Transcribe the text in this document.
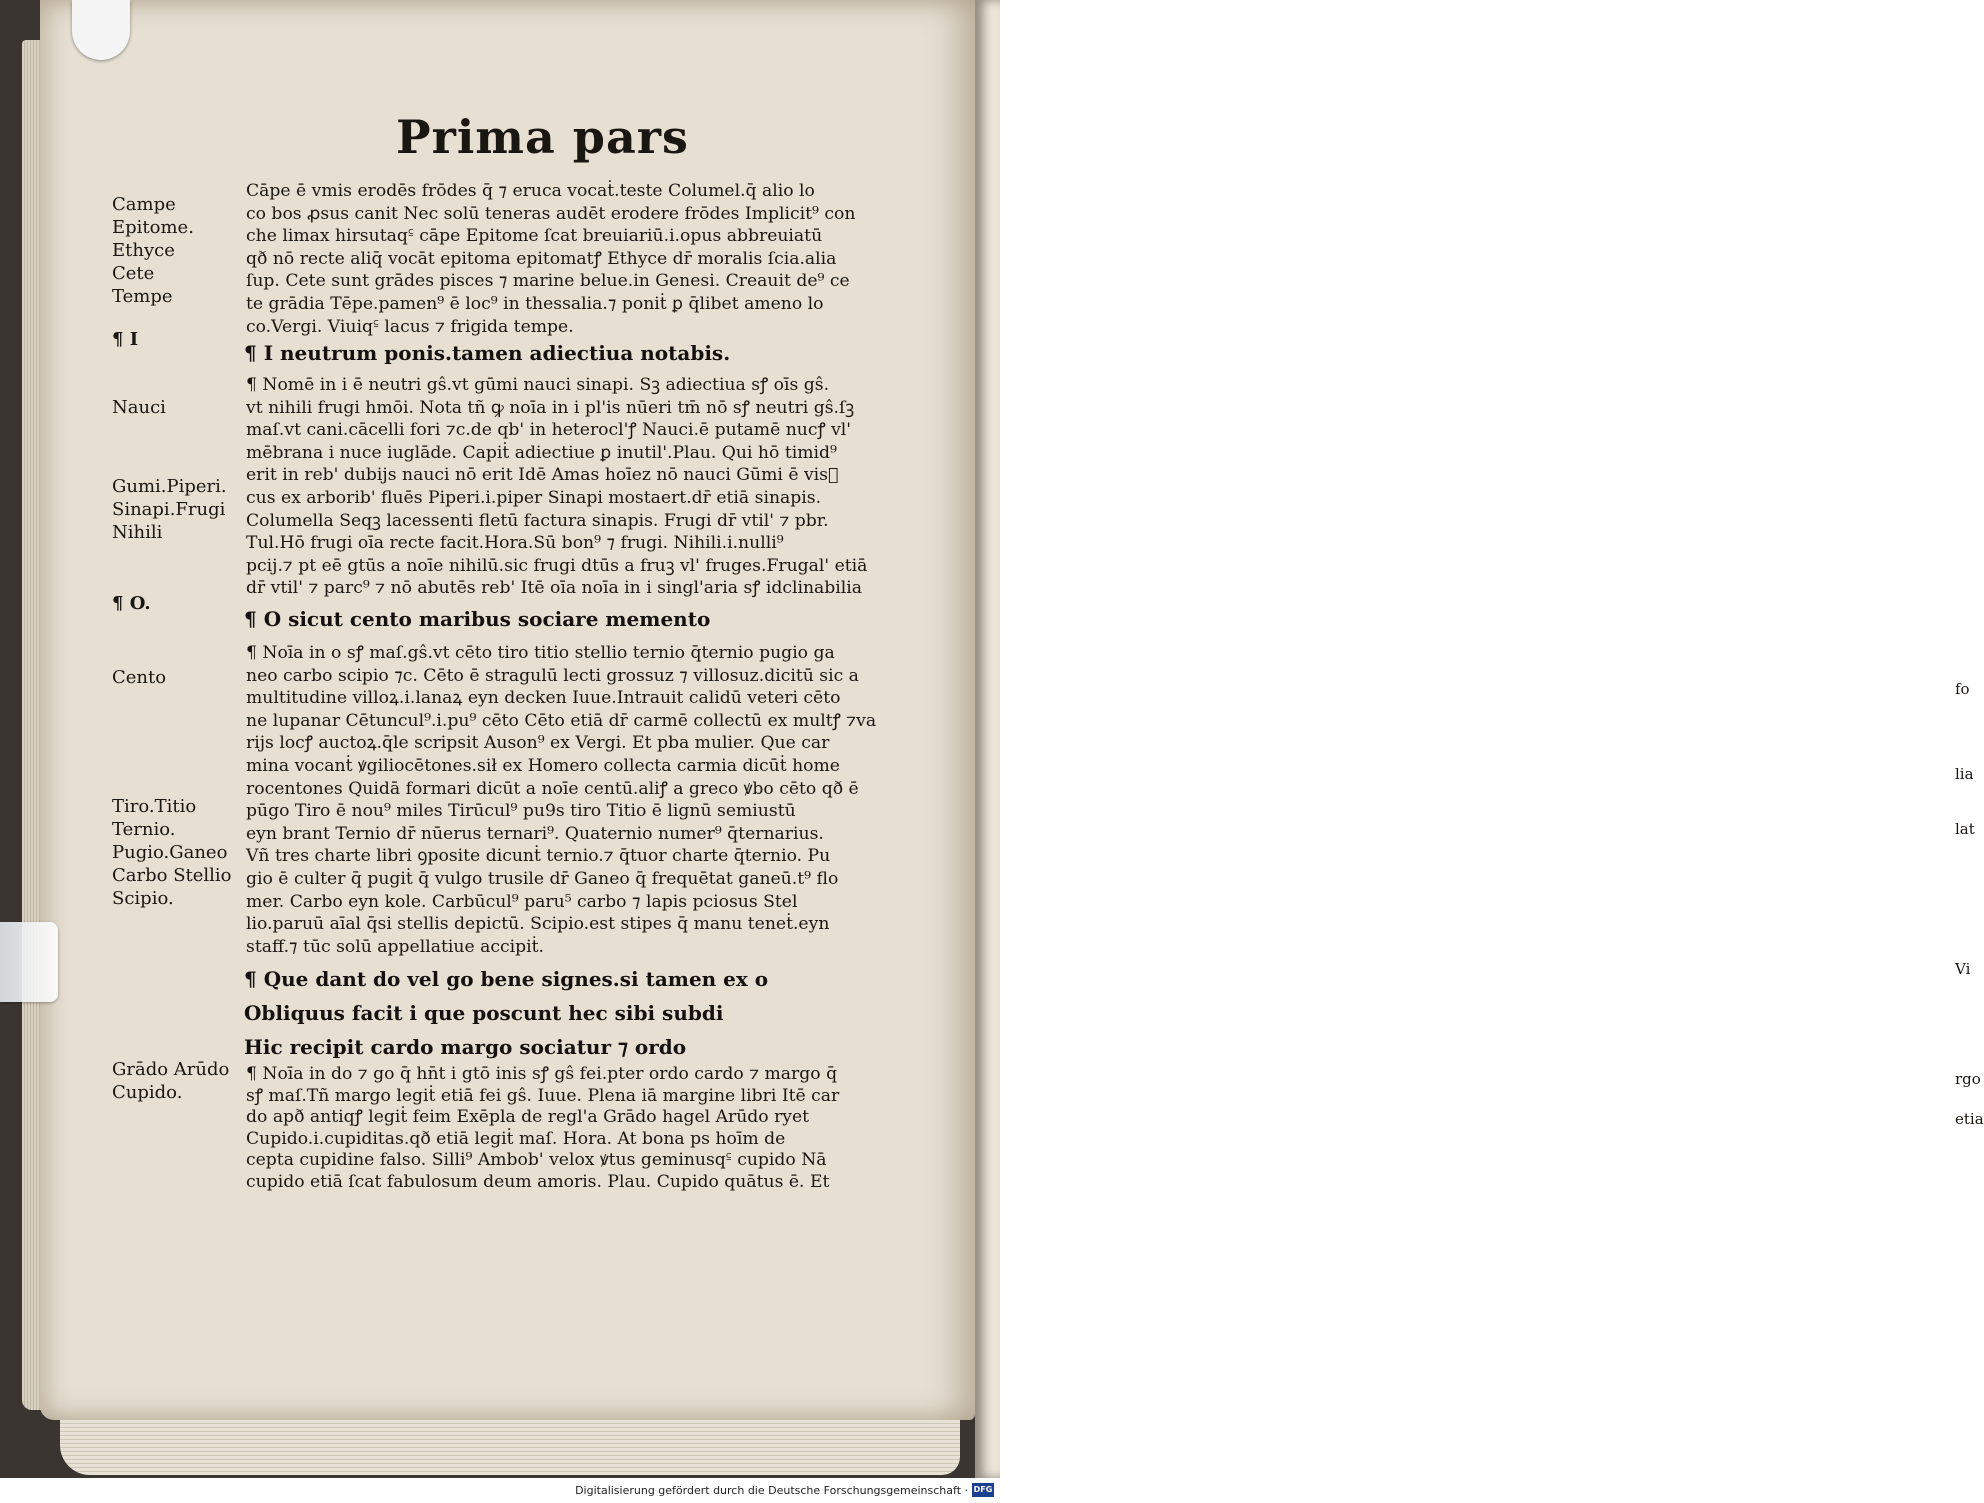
fo
lia
lat
Vi
rgo
etia
Prima pars
Campe
Epitome.
Ethyce
Cete
Tempe
¶ I
Nauci
Gumi.Piperi.
Sinapi.Frugi
Nihili
¶ O.
Cento
Tiro.Titio
Ternio.
Pugio.Ganeo
Carbo Stellio
Scipio.
Grādo Arūdo
Cupido.
Cāpe ē vmis erodēs frōdes q̄ ⁊ eruca vocaṫ.teste Columel.q̄ alio lo
co bos ꝓsus canit Nec solū teneras audēt erodere frōdes Implicit⁹ con
che limax hirsutaq꜃ cāpe Epitome ſcat breuiariū.i.opus abbreuiatū
qð nō recte aliq̄ vocāt epitoma epitomatꝭ Ethyce dr̄ moralis ſcia.alia
ſup. Cete sunt grādes pisces ⁊ marine belue.in Genesi. Creauit de⁹ ce
te grādia Tēpe.pamen⁹ ē loc⁹ in thessalia.⁊ poniṫ ꝑ q̄libet ameno lo
co.Vergi. Viuiq꜃ lacus ⁊ frigida tempe.
¶ I neutrum ponis.tamen adiectiua notabis.
¶ Nomē in i ē neutri gŝ.vt gūmi nauci sinapi. Sꝫ adiectiua sꝭ oīs gŝ.
vt nihili frugi hmōi. Nota tñ ꝙ noīa in i pl'is nūeri tm̄ nō sꝭ neutri gŝ.ſꝫ
maſ.vt cani.cācelli fori ⁊c.de qb' in heterocl'ꝭ Nauci.ē putamē nucꝭ vl'
mēbrana i nuce iuglāde. Capiṫ adiectiue ꝑ inutil'.Plau. Qui hō timid⁹
erit in reb' dubijs nauci nō erit Idē Amas hoīez nō nauci Gūmi ē visᷦ
cus ex arborib' fluēs Piperi.i.piper Sinapi mostaert.dr̄ etiā sinapis.
Columella Seqꝫ lacessenti fletū factura sinapis. Frugi dr̄ vtil' ⁊ pbr.
Tul.Hō frugi oīa recte facit.Hora.Sū bon⁹ ⁊ frugi. Nihili.i.nulli⁹
pcij.⁊ pt eē gtūs a noīe nihilū.sic frugi dtūs a fruꝫ vl' fruges.Frugal' etiā
dr̄ vtil' ⁊ parc⁹ ⁊ nō abutēs reb' Itē oīa noīa in i singl'aria sꝭ idclinabilia
¶ O sicut cento maribus sociare memento
¶ Noīa in o sꝭ maſ.gŝ.vt cēto tiro titio stellio ternio q̄ternio pugio ga
neo carbo scipio ⁊c. Cēto ē stragulū lecti grossuz ⁊ villosuz.dicitū sic a
multitudine villoꝝ.i.lanaꝝ eyn decken Iuue.Intrauit calidū veteri cēto
ne lupanar Cētuncul⁹.i.pu⁹ cēto Cēto etiā dr̄ carmē collectū ex multꝭ ⁊va
rijs locꝭ auctoꝝ.q̄le scripsit Auson⁹ ex Vergi. Et pba mulier. Que car
mina vocanṫ ꝟgiliocētones.sił ex Homero collecta carmia dicūṫ home
rocentones Quidā formari dicūt a noīe centū.aliꝭ a greco ꝟbo cēto qð ē
pūgo Tiro ē nou⁹ miles Tirūcul⁹ pu9s tiro Titio ē lignū semiustū
eyn brant Ternio dr̄ nūerus ternari⁹. Quaternio numer⁹ q̄ternarius.
Vñ tres charte libri ꝯposite dicunṫ ternio.⁊ q̄tuor charte q̄ternio. Pu
gio ē culter q̄ pugiṫ q̄ vulgo trusile dr̄ Ganeo q̄ frequētat ganeū.t⁹ flo
mer. Carbo eyn kole. Carbūcul⁹ paru⁵ carbo ⁊ lapis pciosus Stel
lio.paruū aīal q̄si stellis depictū. Scipio.est stipes q̄ manu teneṫ.eyn
staff.⁊ tūc solū appellatiue accipiṫ.
¶ Que dant do vel go bene signes.si tamen ex o
Obliquus facit i que poscunt hec sibi subdi
Hic recipit cardo margo sociatur ⁊ ordo
¶ Noīa in do ⁊ go q̄ hn̄t i gtō inis sꝭ gŝ fei.pter ordo cardo ⁊ margo q̄
sꝭ maſ.Tñ margo legiṫ etiā fei gŝ. Iuue. Plena iā margine libri Itē car
do apð antiqꝭ legiṫ feim Exēpla de regl'a Grādo hagel Arūdo ryet
Cupido.i.cupiditas.qð etiā legiṫ maſ. Hora. At bona ps hoīm de
cepta cupidine falso. Silli⁹ Ambob' velox ꝟtus geminusq꜃ cupido Nā
cupido etiā ſcat fabulosum deum amoris. Plau. Cupido quātus ē. Et
Digitalisierung gefördert durch die Deutsche Forschungsgemeinschaft · DFG
